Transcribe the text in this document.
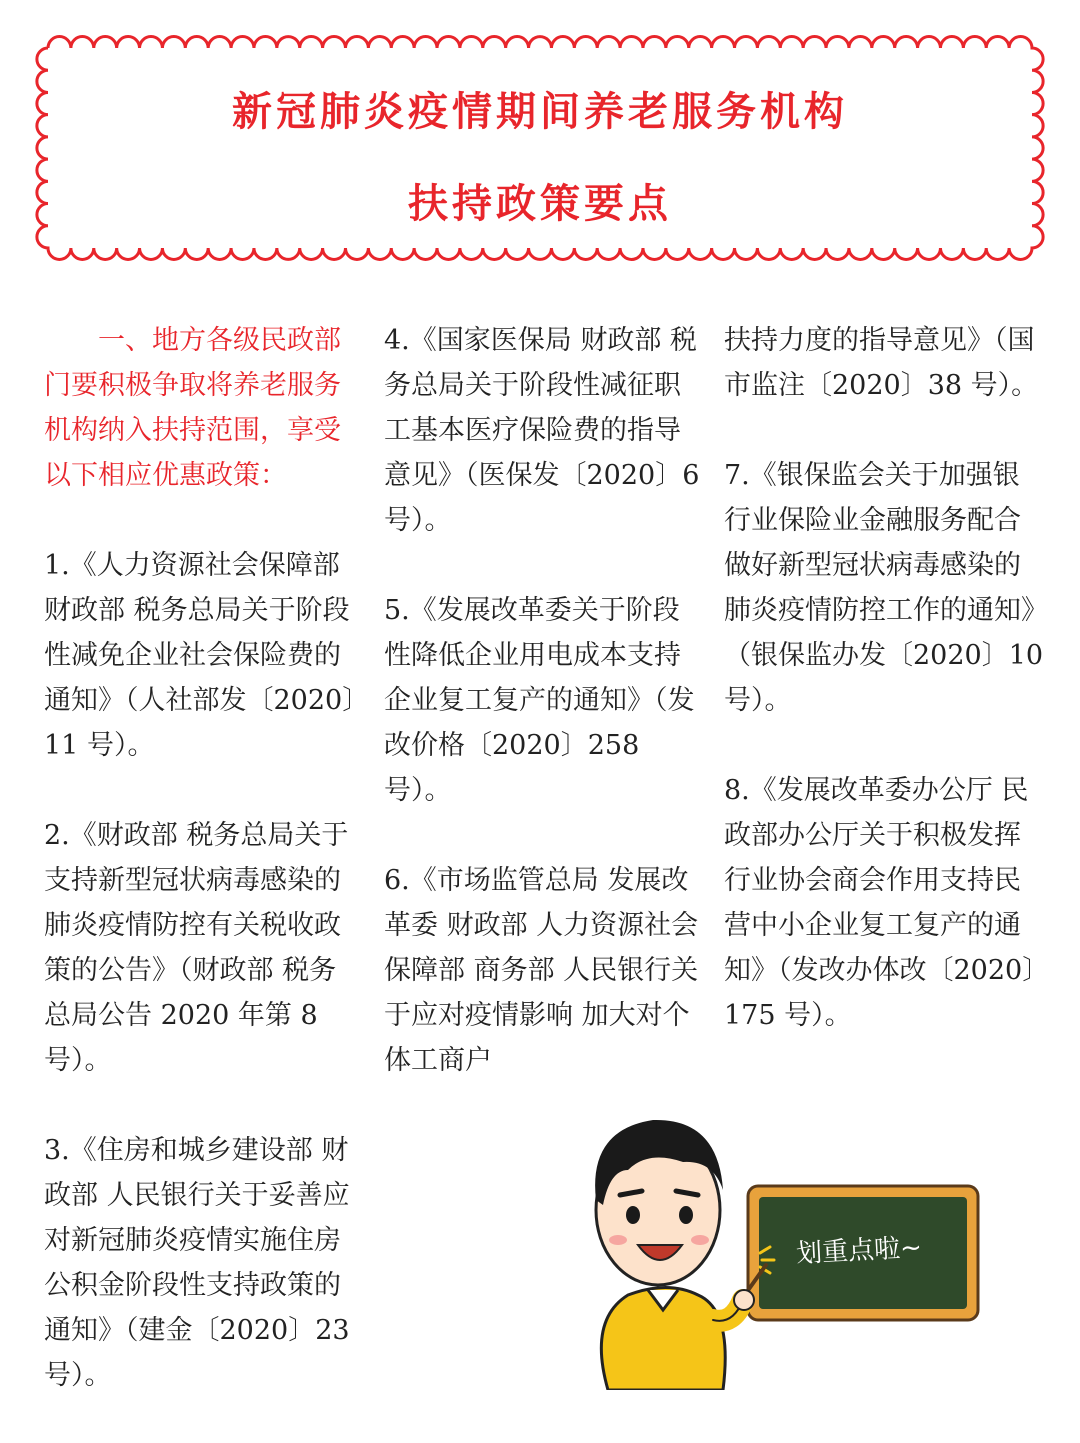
新冠肺炎疫情期间养老服务机构
扶持政策要点

一、地方各级民政部门要积极争取将养老服务机构纳入扶持范围，享受以下相应优惠政策：

1.《人力资源社会保障部 财政部 税务总局关于阶段性减免企业社会保险费的通知》（人社部发〔2020〕11 号）。

2.《财政部 税务总局关于支持新型冠状病毒感染的肺炎疫情防控有关税收政策的公告》（财政部 税务总局公告 2020 年第 8 号）。

3.《住房和城乡建设部 财政部 人民银行关于妥善应对新冠肺炎疫情实施住房公积金阶段性支持政策的通知》（建金〔2020〕23 号）。

4.《国家医保局 财政部 税务总局关于阶段性减征职工基本医疗保险费的指导意见》（医保发〔2020〕6 号）。

5.《发展改革委关于阶段性降低企业用电成本支持企业复工复产的通知》（发改价格〔2020〕258 号）。

6.《市场监管总局 发展改革委 财政部 人力资源社会保障部 商务部 人民银行关于应对疫情影响 加大对个体工商户

扶持力度的指导意见》（国市监注〔2020〕38 号）。

7.《银保监会关于加强银行业保险业金融服务配合做好新型冠状病毒感染的肺炎疫情防控工作的通知》（银保监办发〔2020〕10 号）。

8.《发展改革委办公厅 民政部办公厅关于积极发挥行业协会商会作用支持民营中小企业复工复产的通知》（发改办体改〔2020〕175 号）。

划重点啦~
